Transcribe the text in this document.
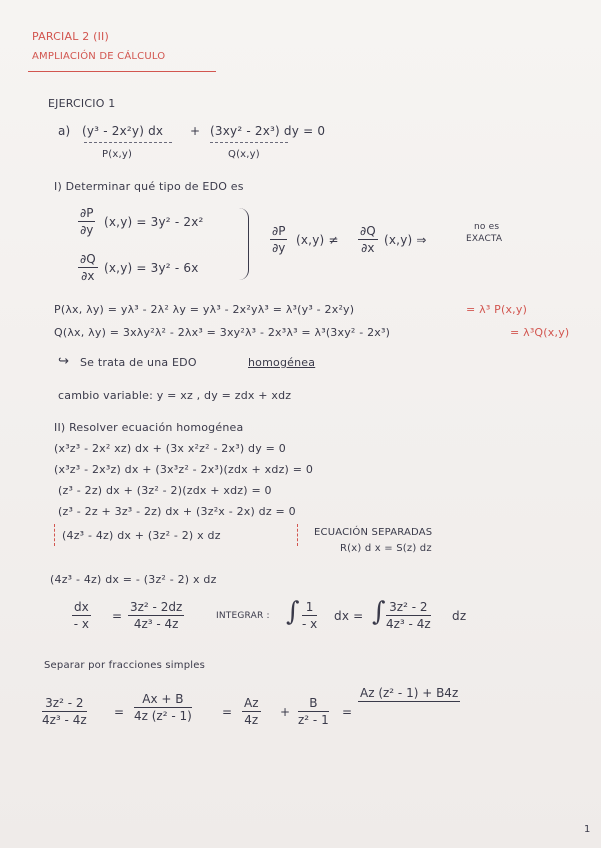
PARCIAL 2 (II)
AMPLIACIÓN DE CÁLCULO
EJERCICIO 1
a) (y³ - 2x²y) dx + (3xy² - 2x³) dy = 0
P(x,y)	Q(x,y)
I) Determinar qué tipo de EDO es
$\frac{\partial P}{\partial y} (x,y) = 3y^2 - 2x^2$
$\frac{\partial Q}{\partial x} (x,y) = 3y^2 - 6x$
$\frac{\partial P}{\partial y} (x,y) \ne \frac{\partial Q}{\partial x} (x,y)$ ⇒
no es
EXACTA
P(λx, λy) = yλ³ - 2λ² λy = yλ³ - 2x²yλ³ = λ³(y³ - 2x²y)	= λ³ P(x,y)
Q(λx, λy) = 3xλy²λ² - 2λx³ = 3xy²λ³ - 2x³λ³ = λ³(3xy² - 2x³)	= λ³Q(x,y)
↪ Se trata de una EDO	homogénea
cambio variable: y = xz , dy = zdx + xdz
II) Resolver ecuación homogénea
(x³z³ - 2x² xz) dx + (3x x²z² - 2x³) dy = 0
(x³z³ - 2x³z) dx + (3x³z² - 2x³)(zdx + xdz) = 0
(z³ - 2z) dx + (3z² - 2)(zdx + xdz) = 0
(z³ - 2z + 3z³ - 2z) dx + (3z²x - 2x) dz = 0
(4z³ - 4z) dx + (3z² - 2) x dz	ECUACIÓN SEPARADAS
R(x) d x = S(z) dz
(4z³ - 4z) dx = - (3z² - 2) x dz
$\frac{dx}{- x} = \frac{\text{3z² - 2dz}}{\text{4z³ - 4z}}$	INTEGRAR : ∫ $\frac{1}{- x}$ dx = ∫ $\frac{\text{3z² - 2}}{\text{4z³ - 4z}}$ dz
Separar por fracciones simples
$\frac{\text{3z² - 2}}{\text{4z³ - 4z}} = \frac{Ax + B}{\text{4z (z² - 1)}}$	= $\frac{Az}{4z} + \frac{B}{\text{z² - 1}}$ =
Az (z² - 1) + B4z
1
